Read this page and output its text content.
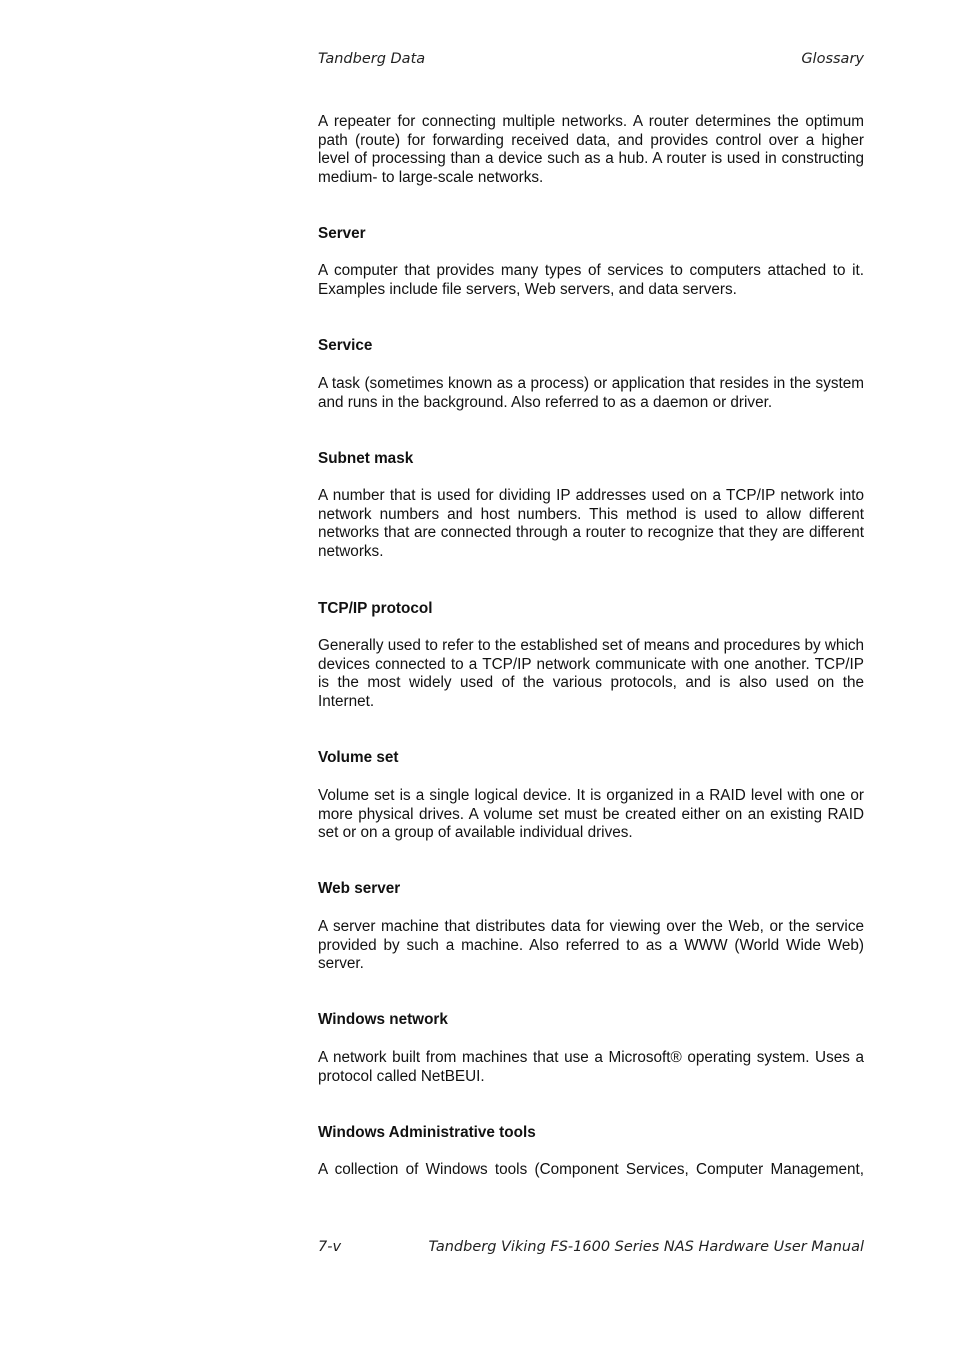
Tandberg Data	Glossary

A repeater for connecting multiple networks. A router determines the optimum path (route) for forwarding received data, and provides control over a higher level of processing than a device such as a hub. A router is used in constructing medium- to large-scale networks.

Server

A computer that provides many types of services to computers attached to it. Examples include file servers, Web servers, and data servers.

Service

A task (sometimes known as a process) or application that resides in the system and runs in the background. Also referred to as a daemon or driver.

Subnet mask

A number that is used for dividing IP addresses used on a TCP/IP network into network numbers and host numbers. This method is used to allow different networks that are connected through a router to recognize that they are different networks.

TCP/IP protocol

Generally used to refer to the established set of means and procedures by which devices connected to a TCP/IP network communicate with one another. TCP/IP is the most widely used of the various protocols, and is also used on the Internet.

Volume set

Volume set is a single logical device. It is organized in a RAID level with one or more physical drives. A volume set must be created either on an existing RAID set or on a group of available individual drives.

Web server

A server machine that distributes data for viewing over the Web, or the service provided by such a machine. Also referred to as a WWW (World Wide Web) server.

Windows network

A network built from machines that use a Microsoft® operating system. Uses a protocol called NetBEUI.

Windows Administrative tools

A collection of Windows tools (Component Services, Computer Management,

7-v	Tandberg Viking FS-1600 Series NAS Hardware User Manual
